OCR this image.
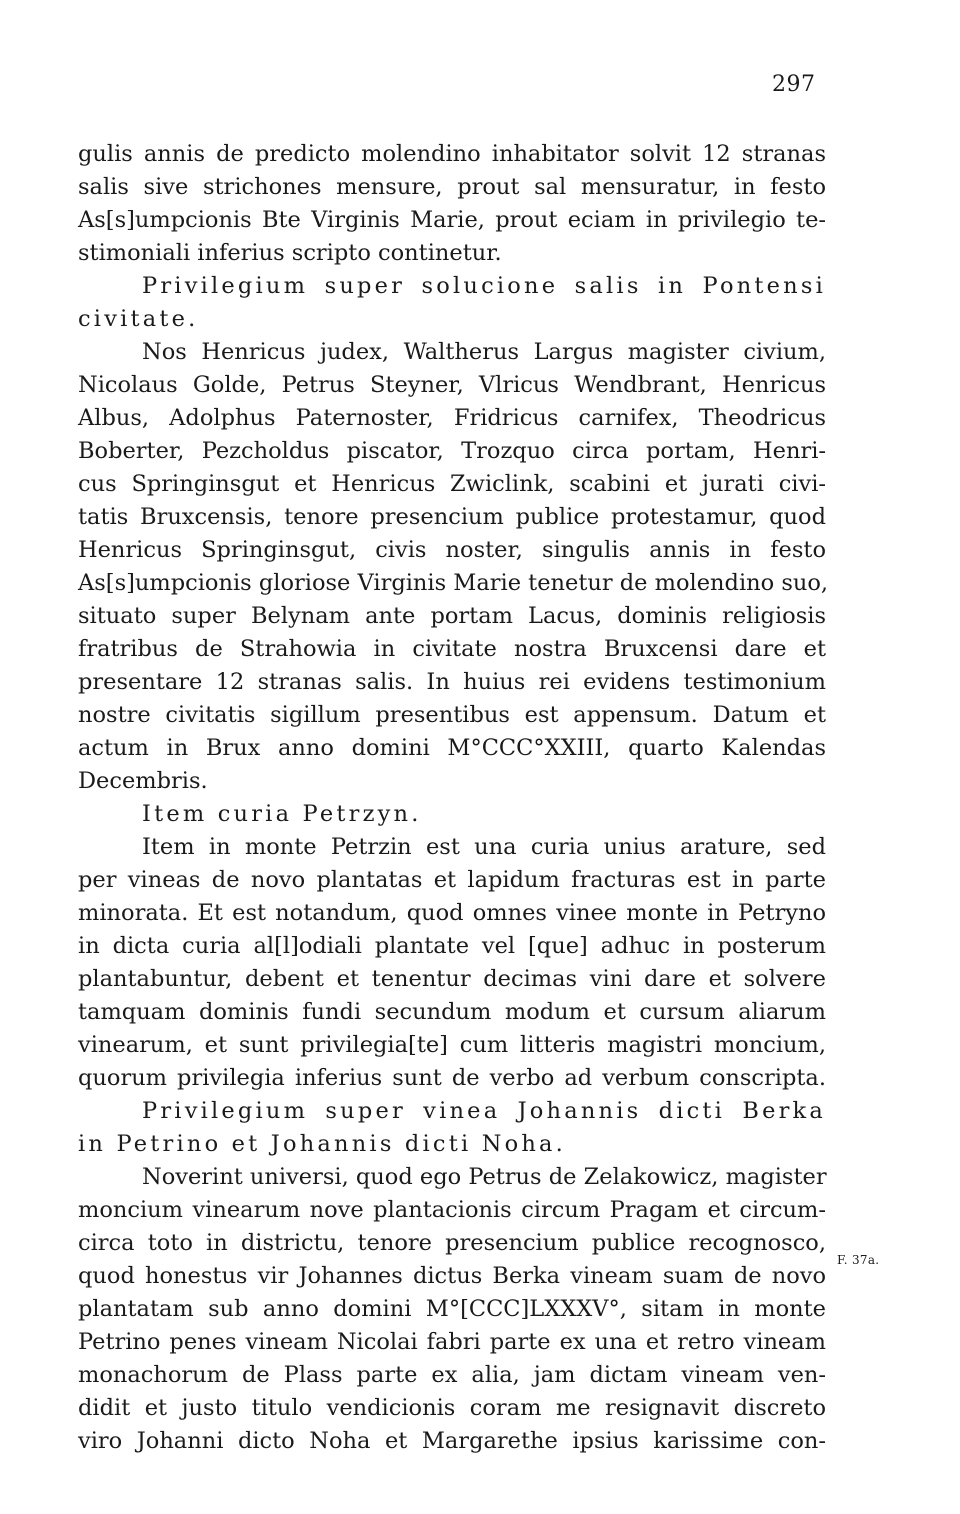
297
gulis annis de predicto molendino inhabitator solvit 12 stranas
salis sive strichones mensure, prout sal mensuratur, in festo
As[s]umpcionis Bte Virginis Marie, prout eciam in privilegio te-
stimoniali inferius scripto continetur.
Privilegium super solucione salis in Pontensi
civitate.
Nos Henricus judex, Waltherus Largus magister civium,
Nicolaus Golde, Petrus Steyner, Vlricus Wendbrant, Henricus
Albus, Adolphus Paternoster, Fridricus carnifex, Theodricus
Boberter, Pezcholdus piscator, Trozquo circa portam, Henri-
cus Springinsgut et Henricus Zwiclink, scabini et jurati civi-
tatis Bruxcensis, tenore presencium publice protestamur, quod
Henricus Springinsgut, civis noster, singulis annis in festo
As[s]umpcionis gloriose Virginis Marie tenetur de molendino suo,
situato super Belynam ante portam Lacus, dominis religiosis
fratribus de Strahowia in civitate nostra Bruxcensi dare et
presentare 12 stranas salis. In huius rei evidens testimonium
nostre civitatis sigillum presentibus est appensum. Datum et
actum in Brux anno domini M°CCC°XXIII, quarto Kalendas
Decembris.
Item curia Petrzyn.
Item in monte Petrzin est una curia unius arature, sed
per vineas de novo plantatas et lapidum fracturas est in parte
minorata. Et est notandum, quod omnes vinee monte in Petryno
in dicta curia al[l]odiali plantate vel [que] adhuc in posterum
plantabuntur, debent et tenentur decimas vini dare et solvere
tamquam dominis fundi secundum modum et cursum aliarum
vinearum, et sunt privilegia[te] cum litteris magistri moncium,
quorum privilegia inferius sunt de verbo ad verbum conscripta.
Privilegium super vinea Johannis dicti Berka
in Petrino et Johannis dicti Noha.
Noverint universi, quod ego Petrus de Zelakowicz, magister
moncium vinearum nove plantacionis circum Pragam et circum-
circa toto in districtu, tenore presencium publice recognosco,
quod honestus vir Johannes dictus Berka vineam suam de novo
plantatam sub anno domini M°[CCC]LXXXV°, sitam in monte
Petrino penes vineam Nicolai fabri parte ex una et retro vineam
monachorum de Plass parte ex alia, jam dictam vineam ven-
didit et justo titulo vendicionis coram me resignavit discreto
viro Johanni dicto Noha et Margarethe ipsius karissime con-
F. 37a.
